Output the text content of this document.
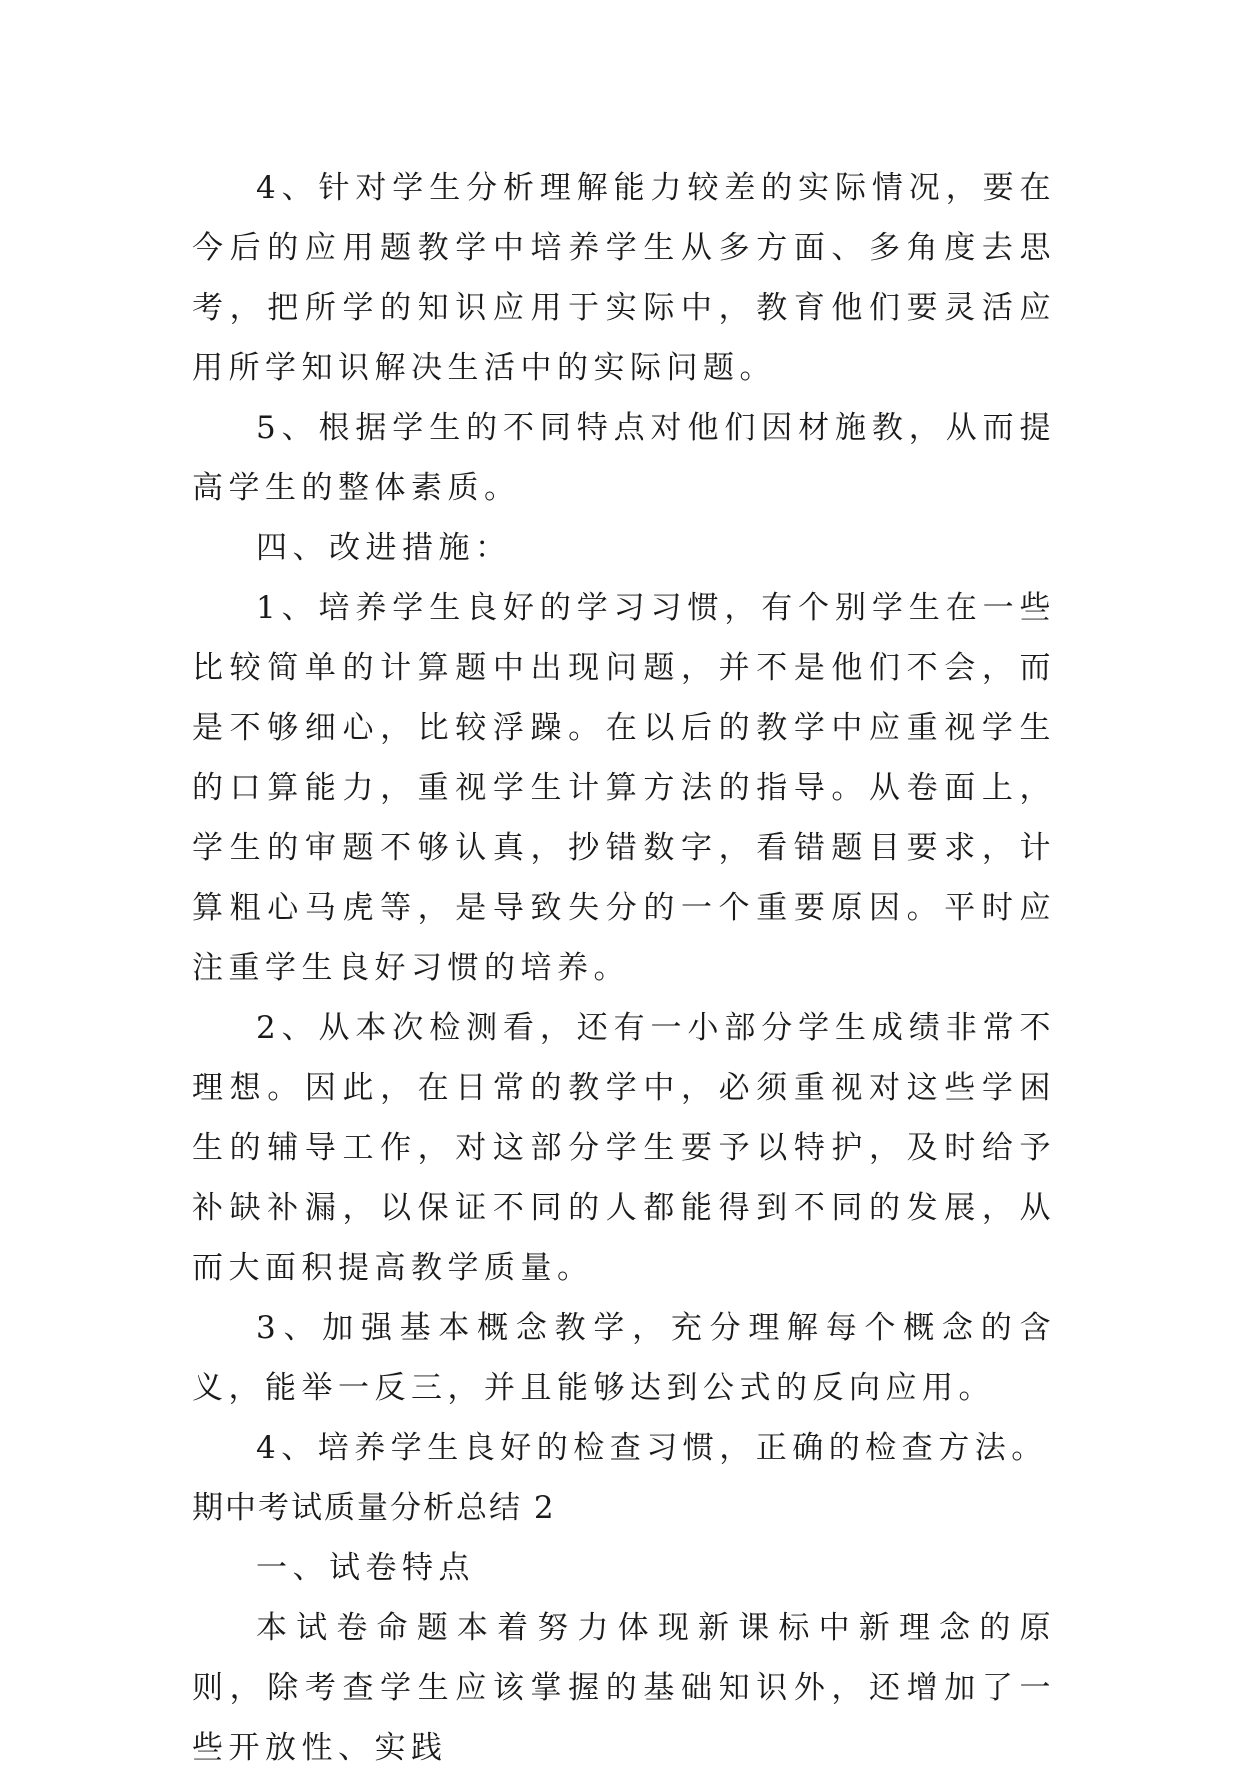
4、针对学生分析理解能力较差的实际情况，要在今后的应用题教学中培养学生从多方面、多角度去思考，把所学的知识应用于实际中，教育他们要灵活应用所学知识解决生活中的实际问题。

5、根据学生的不同特点对他们因材施教，从而提高学生的整体素质。

四、改进措施：

1、培养学生良好的学习习惯，有个别学生在一些比较简单的计算题中出现问题，并不是他们不会，而是不够细心，比较浮躁。在以后的教学中应重视学生的口算能力，重视学生计算方法的指导。从卷面上，学生的审题不够认真，抄错数字，看错题目要求，计算粗心马虎等，是导致失分的一个重要原因。平时应注重学生良好习惯的培养。

2、从本次检测看，还有一小部分学生成绩非常不理想。因此，在日常的教学中，必须重视对这些学困生的辅导工作，对这部分学生要予以特护，及时给予补缺补漏，以保证不同的人都能得到不同的发展，从而大面积提高教学质量。

3、加强基本概念教学，充分理解每个概念的含义，能举一反三，并且能够达到公式的反向应用。

4、培养学生良好的检查习惯，正确的检查方法。

期中考试质量分析总结 2

一、试卷特点

本试卷命题本着努力体现新课标中新理念的原则，除考查学生应该掌握的基础知识外，还增加了一些开放性、实践
